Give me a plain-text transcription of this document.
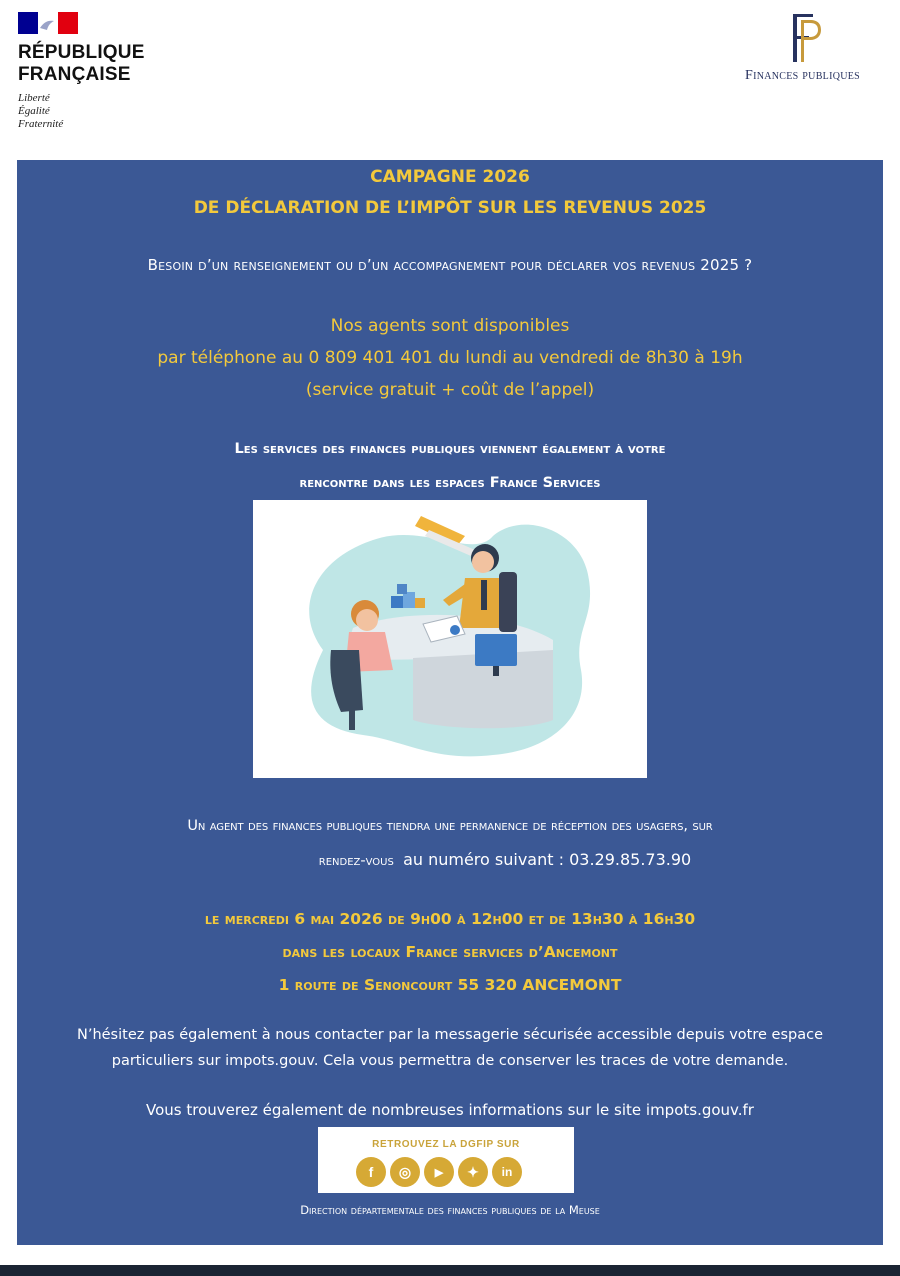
RÉPUBLIQUE
FRANÇAISE
Liberté
Égalité
Fraternité
Finances publiques
CAMPAGNE 2026
DE DÉCLARATION DE L’IMPÔT SUR LES REVENUS 2025
Besoin d’un renseignement ou d’un accompagnement pour déclarer vos revenus 2025 ?
Nos agents sont disponibles
par téléphone au 0 809 401 401 du lundi au vendredi de 8h30 à 19h
(service gratuit + coût de l’appel)
Les services des finances publiques viennent également à votre
rencontre dans les espaces France Services
Un agent des finances publiques tiendra une permanence de réception des usagers, sur
rendez-vous au numéro suivant : 03.29.85.73.90
le mercredi 6 mai 2026 de 9h00 à 12h00 et de 13h30 à 16h30
dans les locaux France services d’Ancemont
1 route de Senoncourt 55 320 ANCEMONT
N’hésitez pas également à nous contacter par la messagerie sécurisée accessible depuis votre espace
particuliers sur impots.gouv. Cela vous permettra de conserver les traces de votre demande.
Vous trouverez également de nombreuses informations sur le site impots.gouv.fr
RETROUVEZ LA DGFIP SUR
f	◎	▶	✦	in
Direction départementale des finances publiques de la Meuse
